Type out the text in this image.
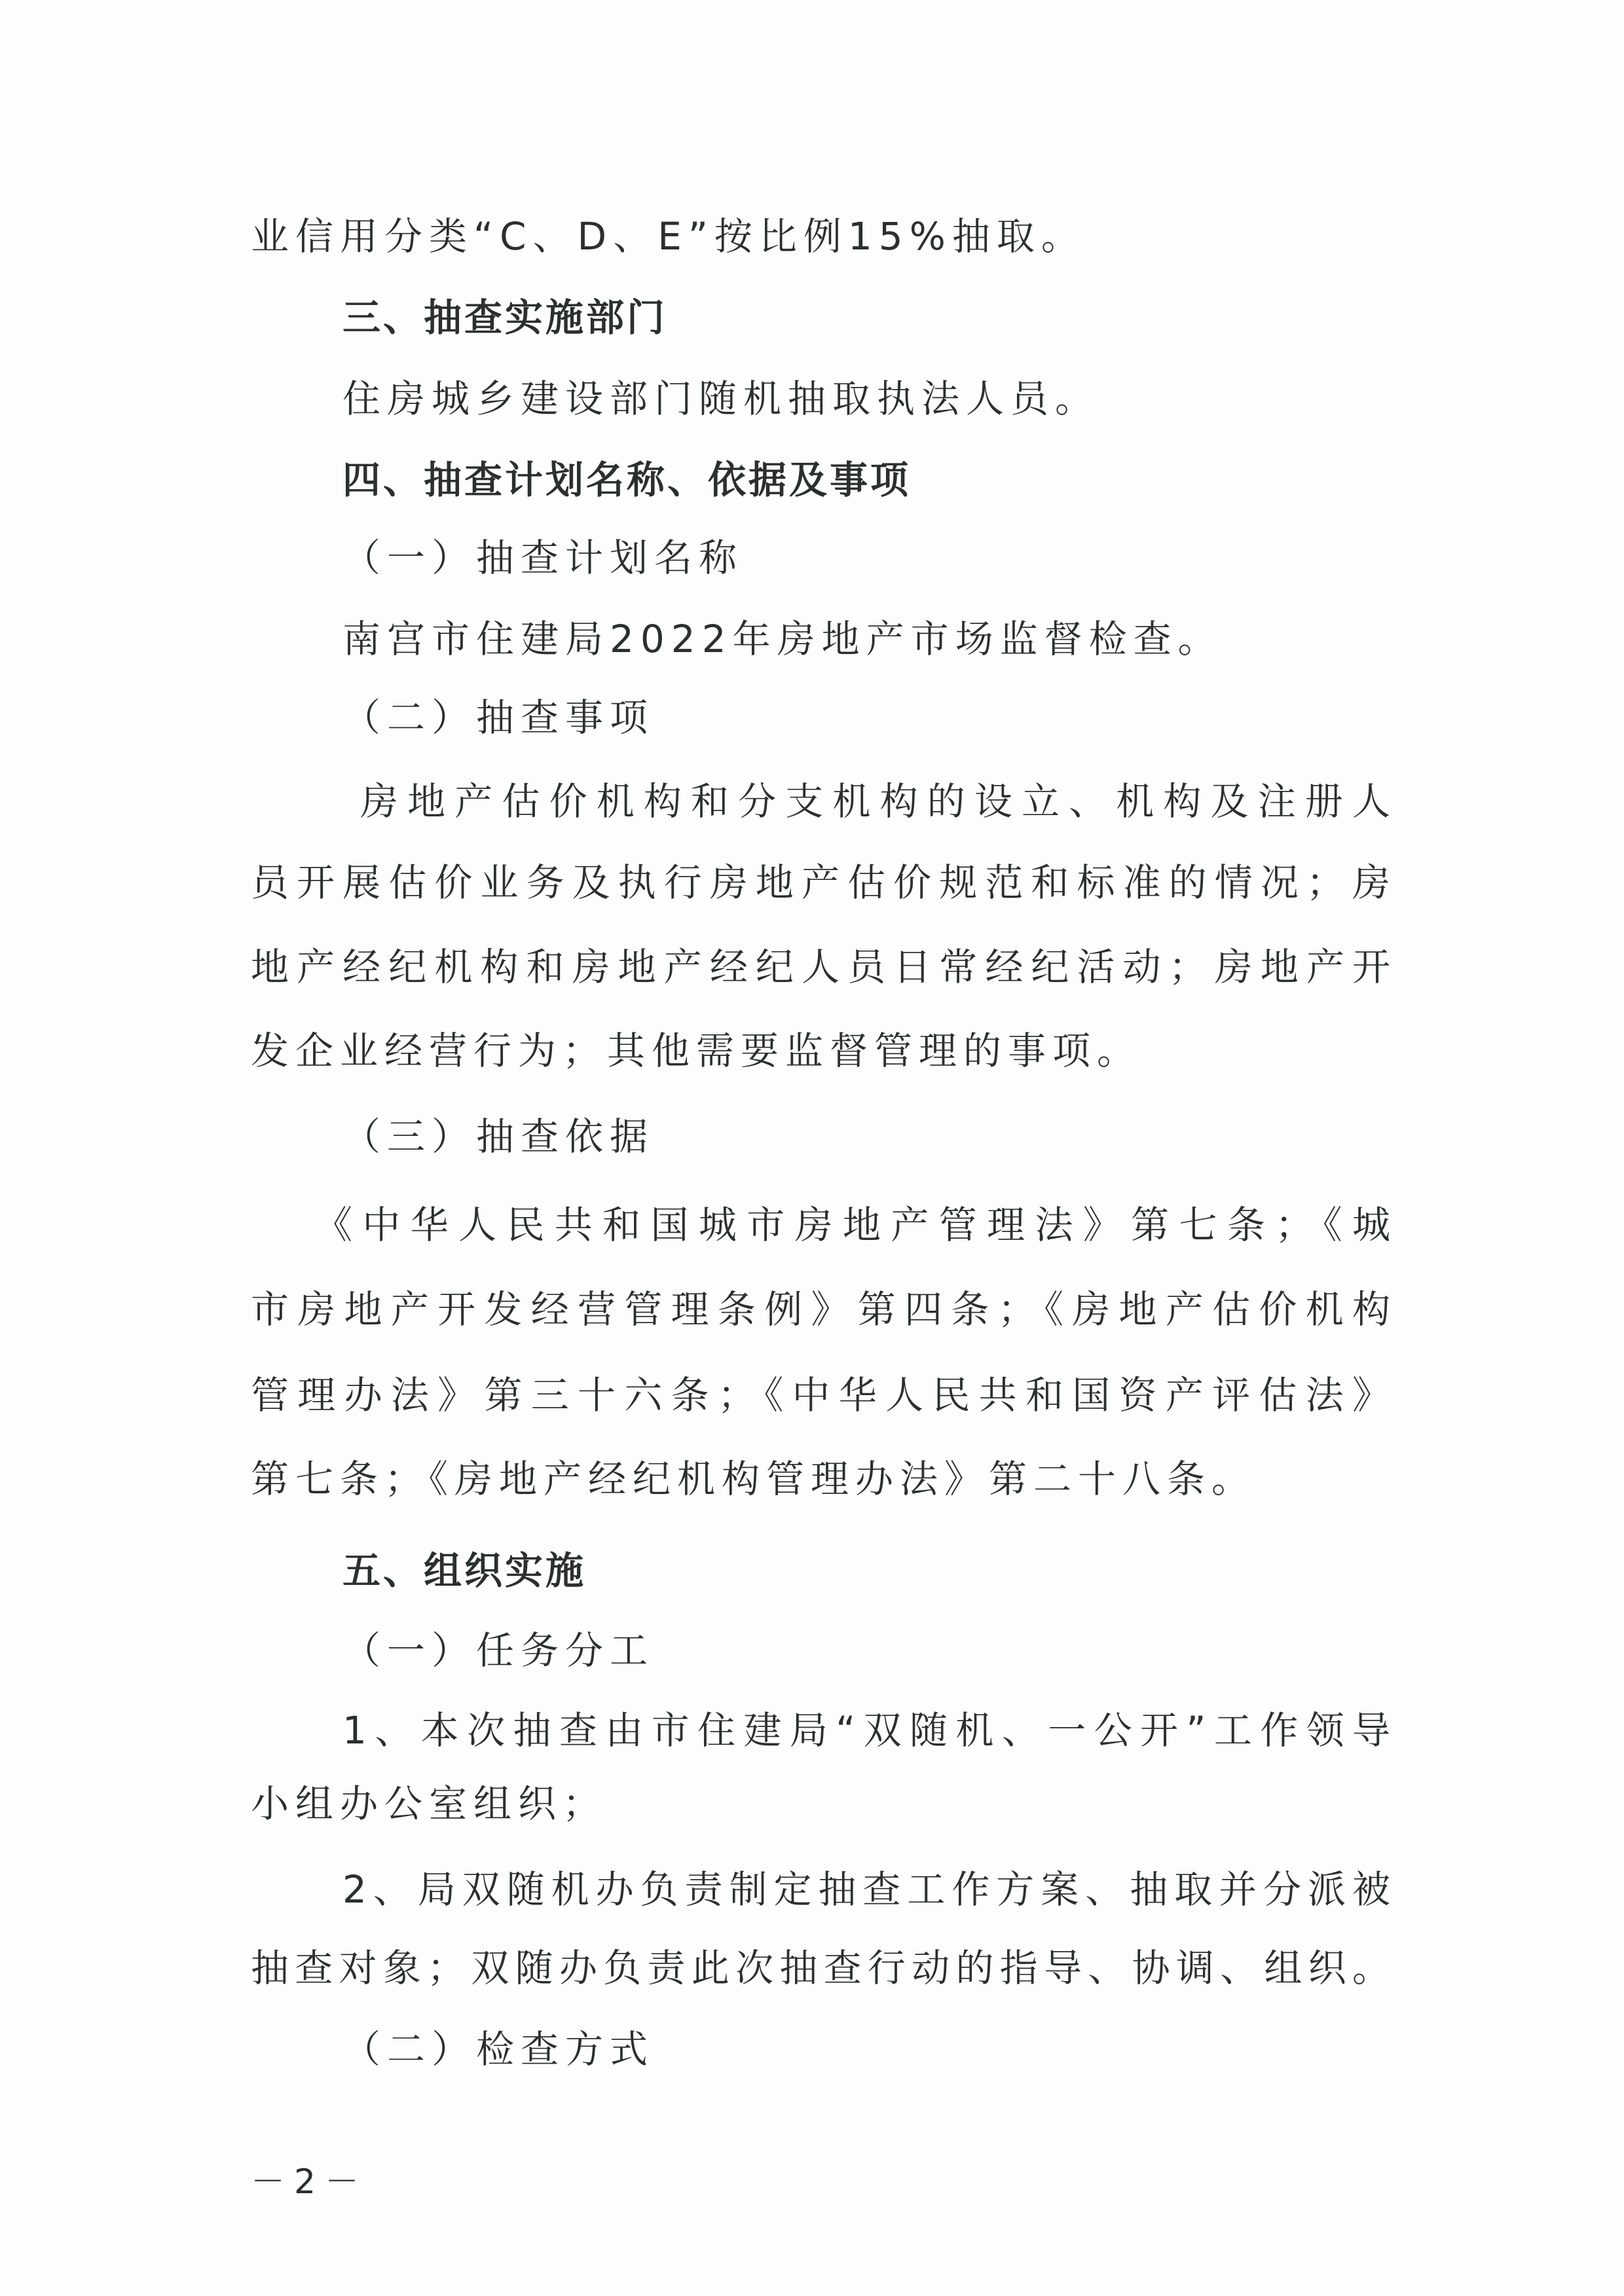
业信用分类“C、D、E”按比例15%抽取。
三、抽查实施部门
住房城乡建设部门随机抽取执法人员。
四、抽查计划名称、依据及事项
（一）抽查计划名称
南宫市住建局2022年房地产市场监督检查。
（二）抽查事项
房地产估价机构和分支机构的设立、机构及注册人
员开展估价业务及执行房地产估价规范和标准的情况；房
地产经纪机构和房地产经纪人员日常经纪活动；房地产开
发企业经营行为；其他需要监督管理的事项。
（三）抽查依据
《中华人民共和国城市房地产管理法》第七条；《城
市房地产开发经营管理条例》第四条；《房地产估价机构
管理办法》第三十六条；《中华人民共和国资产评估法》
第七条；《房地产经纪机构管理办法》第二十八条。
五、组织实施
（一）任务分工
1、本次抽查由市住建局“双随机、一公开”工作领导
小组办公室组织；
2、局双随机办负责制定抽查工作方案、抽取并分派被
抽查对象；双随办负责此次抽查行动的指导、协调、组织。
（二）检查方式
－2－
